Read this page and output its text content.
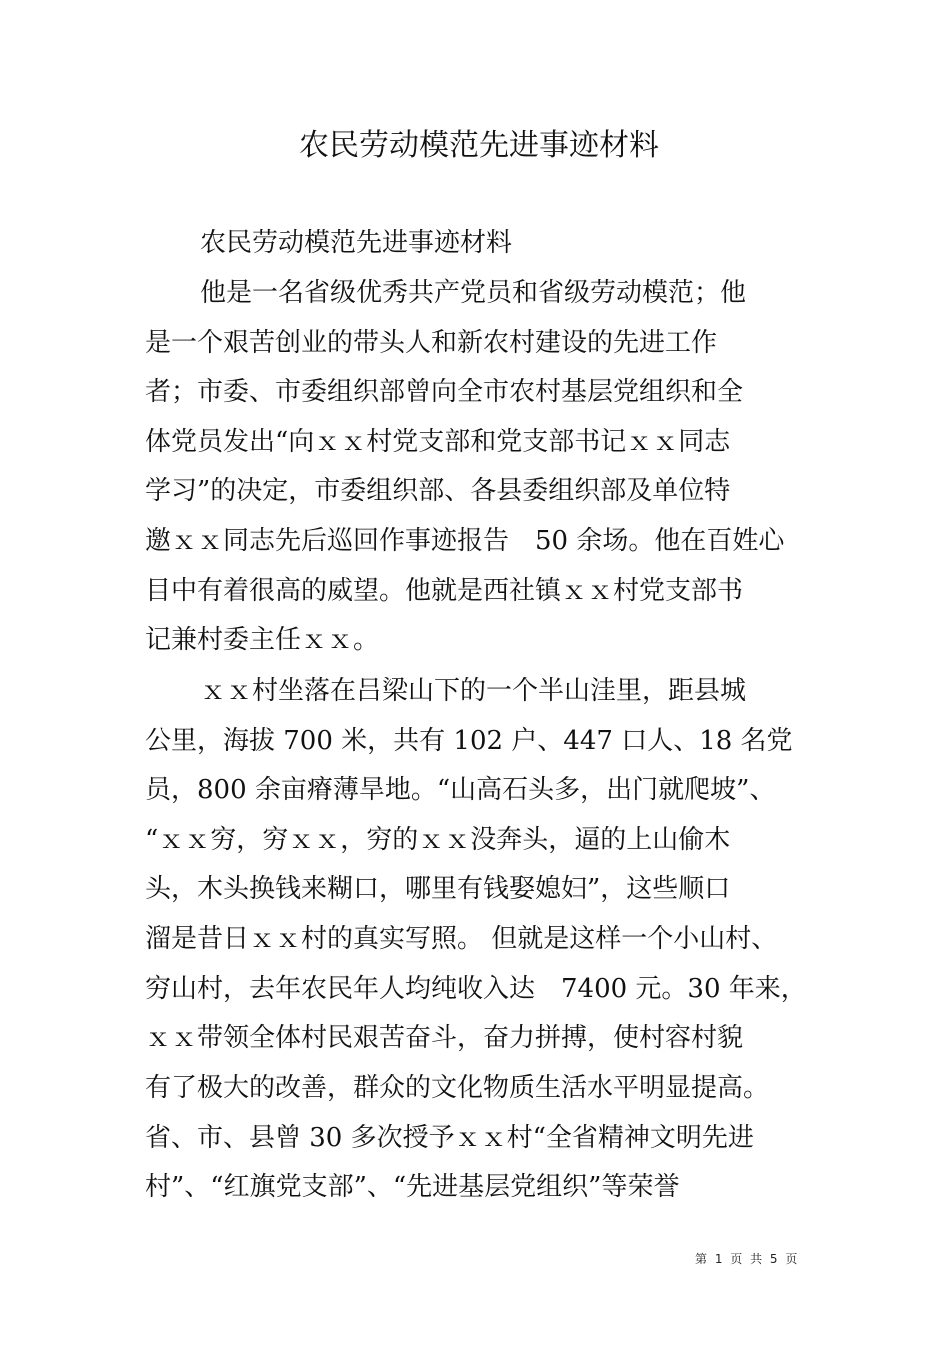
农民劳动模范先进事迹材料
农民劳动模范先进事迹材料
他是一名省级优秀共产党员和省级劳动模范；他
是一个艰苦创业的带头人和新农村建设的先进工作
者；市委、市委组织部曾向全市农村基层党组织和全
体党员发出“向ｘｘ村党支部和党支部书记ｘｘ同志
学习”的决定，市委组织部、各县委组织部及单位特
邀ｘｘ同志先后巡回作事迹报告　50 余场。他在百姓心
目中有着很高的威望。他就是西社镇ｘｘ村党支部书
记兼村委主任ｘｘ。
ｘｘ村坐落在吕梁山下的一个半山洼里，距县城
公里，海拔 700 米，共有 102 户、447 口人、18 名党
员，800 余亩瘠薄旱地。“山高石头多，出门就爬坡”、
“ｘｘ穷，穷ｘｘ，穷的ｘｘ没奔头，逼的上山偷木
头，木头换钱来糊口，哪里有钱娶媳妇”，这些顺口
溜是昔日ｘｘ村的真实写照。 但就是这样一个小山村、
穷山村，去年农民年人均纯收入达　7400 元。30 年来，
ｘｘ带领全体村民艰苦奋斗，奋力拼搏，使村容村貌
有了极大的改善，群众的文化物质生活水平明显提高。
省、市、县曾 30 多次授予ｘｘ村“全省精神文明先进
村”、“红旗党支部”、“先进基层党组织”等荣誉
第 1 页 共 5 页
